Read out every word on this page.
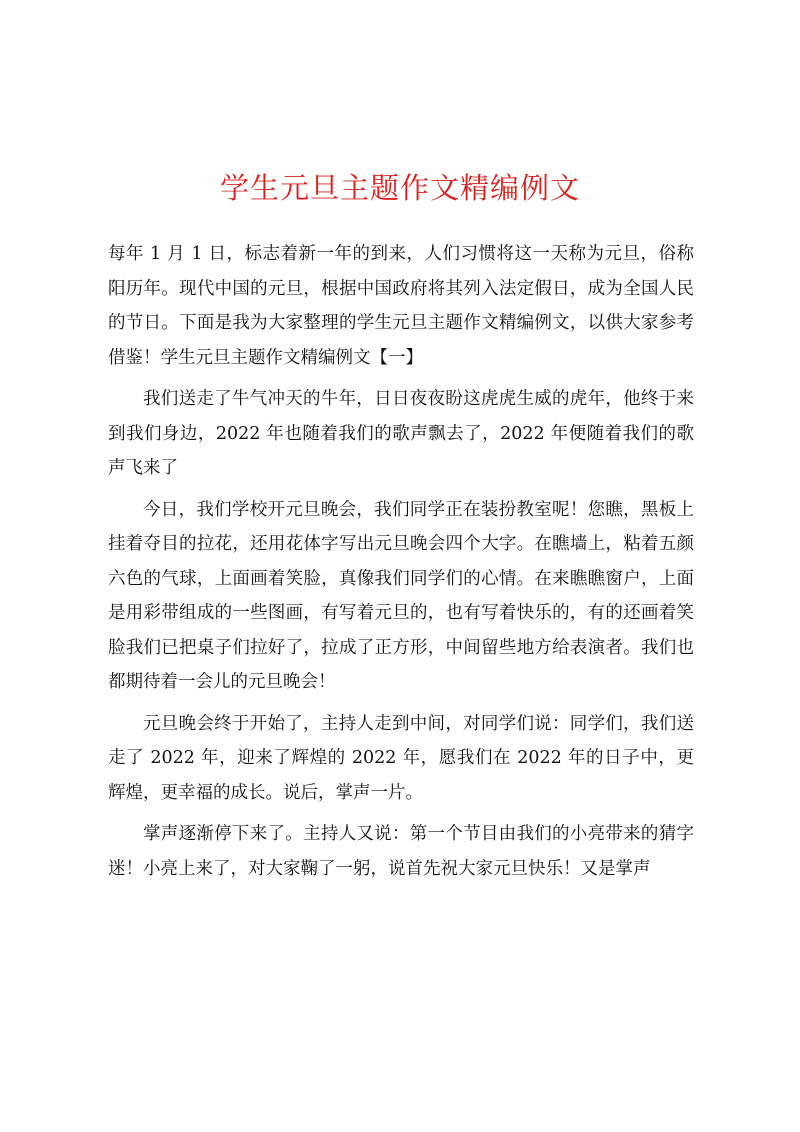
学生元旦主题作文精编例文

每年 1 月 1 日，标志着新一年的到来，人们习惯将这一天称为元旦，俗称阳历年。现代中国的元旦，根据中国政府将其列入法定假日，成为全国人民的节日。下面是我为大家整理的学生元旦主题作文精编例文，以供大家参考借鉴！学生元旦主题作文精编例文【一】

我们送走了牛气冲天的牛年，日日夜夜盼这虎虎生威的虎年，他终于来到我们身边，2022 年也随着我们的歌声飘去了，2022 年便随着我们的歌声飞来了

今日，我们学校开元旦晚会，我们同学正在装扮教室呢！您瞧，黑板上挂着夺目的拉花，还用花体字写出元旦晚会四个大字。在瞧墙上，粘着五颜六色的气球，上面画着笑脸，真像我们同学们的心情。在来瞧瞧窗户，上面是用彩带组成的一些图画，有写着元旦的，也有写着快乐的，有的还画着笑脸我们已把桌子们拉好了，拉成了正方形，中间留些地方给表演者。我们也都期待着一会儿的元旦晚会！

元旦晚会终于开始了，主持人走到中间，对同学们说：同学们，我们送走了 2022 年，迎来了辉煌的 2022 年，愿我们在 2022 年的日子中，更辉煌，更幸福的成长。说后，掌声一片。

掌声逐渐停下来了。主持人又说：第一个节目由我们的小亮带来的猜字迷！小亮上来了，对大家鞠了一躬，说首先祝大家元旦快乐！又是掌声
